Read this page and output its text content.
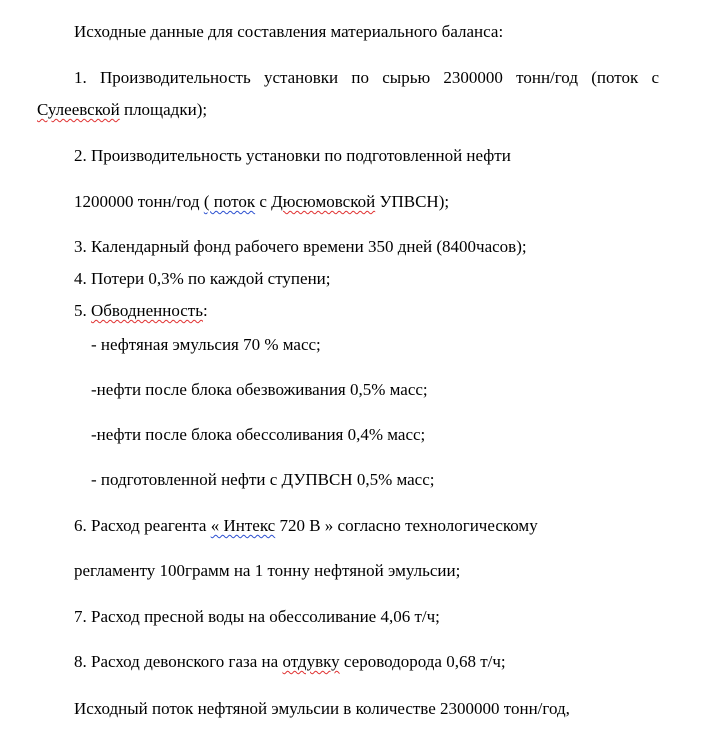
Исходные данные для составления материального баланса:
1. Производительность установки по сырью 2300000 тонн/год (поток с
Сулеевской площадки);
2. Производительность установки по подготовленной нефти
1200000 тонн/год ( поток с Дюсюмовской УПВСН);
3. Календарный фонд рабочего времени 350 дней (8400часов);
4. Потери 0,3% по каждой ступени;
5. Обводненность:
- нефтяная эмульсия 70 % масс;
-нефти после блока обезвоживания 0,5% масс;
-нефти после блока обессоливания 0,4% масс;
- подготовленной нефти с ДУПВСН 0,5% масс;
6. Расход реагента « Интекс 720 В » согласно технологическому
регламенту 100грамм на 1 тонну нефтяной эмульсии;
7. Расход пресной воды на обессоливание 4,06 т/ч;
8. Расход девонского газа на отдувку сероводорода 0,68 т/ч;
Исходный поток нефтяной эмульсии в количестве 2300000 тонн/год,
